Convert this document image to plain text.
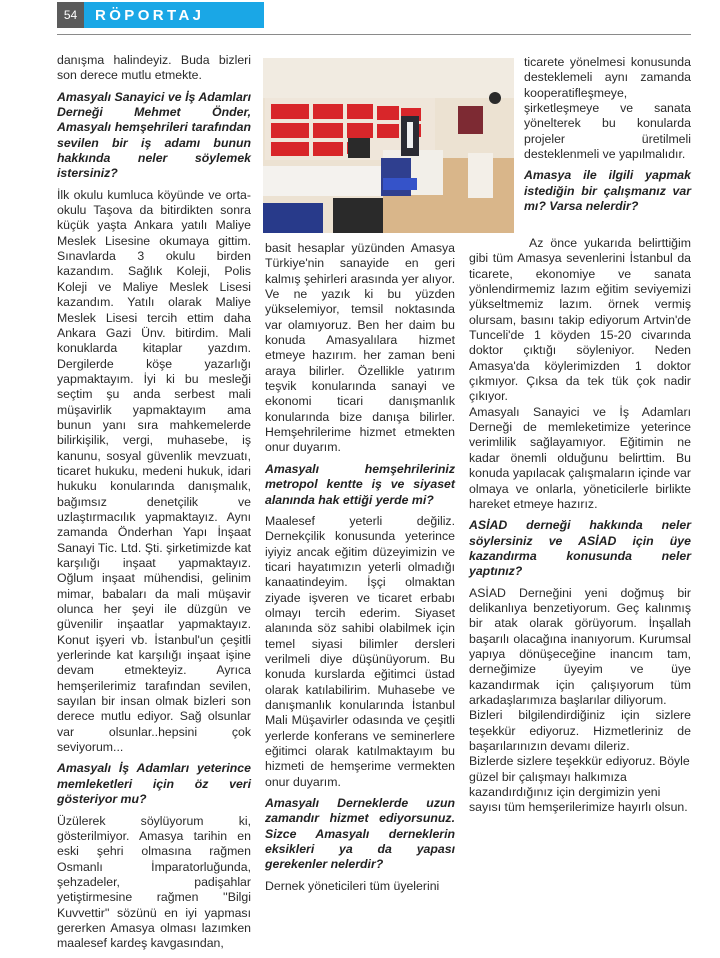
54	RÖPORTAJ

danışma halindeyiz. Buda bizleri son derece mutlu etmekte.

Amasyalı Sanayici ve İş Adamları Derneği Mehmet Önder, Amasyalı hemşehrileri tarafından sevilen bir iş adamı bunun hakkında neler söylemek istersiniz?

İlk okulu kumluca köyünde ve orta-okulu Taşova da bitirdikten sonra küçük yaşta Ankara yatılı Maliye Meslek Lisesine okumaya gittim. Sınavlarda 3 okulu birden kazandım. Sağlık Koleji, Polis Koleji ve Maliye Meslek Lisesi kazandım. Yatılı olarak Maliye Meslek Lisesi tercih ettim daha Ankara Gazi Ünv. bitirdim. Mali konuklarda kitaplar yazdım. Dergilerde köşe yazarlığı yapmaktayım. İyi ki bu mesleği seçtim şu anda serbest mali müşavirlik yapmaktayım ama bunun yanı sıra mahkemelerde bilirkişilik, vergi, muhasebe, iş kanunu, sosyal güvenlik mevzuatı, ticaret hukuku, medeni hukuk, idari hukuku konularında danışmalık, bağımsız denetçilik ve uzlaştırmacılık yapmaktayız. Aynı zamanda Önderhan Yapı İnşaat Sanayi Tic. Ltd. Şti. şirketimizde kat karşılığı inşaat yapmaktayız. Oğlum inşaat mühendisi, gelinim mimar, babaları da mali müşavir olunca her şeyi ile düzgün ve güvenilir inşaatlar yapmaktayız. Konut işyeri vb. İstanbul'un çeşitli yerlerinde kat karşılığı inşaat işine devam etmekteyiz. Ayrıca hemşerilerimiz tarafından sevilen, sayılan bir insan olmak bizleri son derece mutlu ediyor. Sağ olsunlar var olsunlar..hepsini çok seviyorum...

Amasyalı İş Adamları yeterince memleketleri için öz veri gösteriyor mu?

Üzülerek söylüyorum ki, gösterilmiyor. Amasya tarihin en eski şehri olmasına rağmen Osmanlı İmparatorluğunda, şehzadeler, padişahlar yetiştirmesine rağmen ''Bilgi Kuvvettir'' sözünü en iyi yapması gererken Amasya olması lazımken maalesef kardeş kavgasından,

basit hesaplar yüzünden Amasya Türkiye'nin sanayide en geri kalmış şehirleri arasında yer alıyor. Ve ne yazık ki bu yüzden yükselemiyor, temsil noktasında var olamıyoruz. Ben her daim bu konuda Amasyalılara hizmet etmeye hazırım. her zaman beni araya bilirler. Özellikle yatırım teşvik konularında sanayi ve ekonomi ticari danışmanlık konularında bize danışa bilirler. Hemşehrilerime hizmet etmekten onur duyarım.

Amasyalı hemşehrileriniz metropol kentte iş ve siyaset alanında hak ettiği yerde mi?

Maalesef yeterli değiliz. Dernekçilik konusunda yeterince iyiyiz ancak eğitim düzeyimizin ve ticari hayatımızın yeterli olmadığı kanaatindeyim. İşçi olmaktan ziyade işveren ve ticaret erbabı olmayı tercih ederim. Siyaset alanında söz sahibi olabilmek için temel siyasi bilimler dersleri verilmeli diye düşünüyorum. Bu konuda kurslarda eğitimci üstad olarak katılabilirim. Muhasebe ve danışmanlık konularında İstanbul Mali Müşavirler odasında ve çeşitli yerlerde konferans ve seminerlere eğitimci olarak katılmaktayım bu hizmeti de hemşerime vermekten onur duyarım.

Amasyalı Derneklerde uzun zamandır hizmet ediyorsunuz. Sizce Amasyalı derneklerin eksikleri ya da yapası gerekenler nelerdir?

Dernek yöneticileri tüm üyelerini

ticarete yönelmesi konusunda desteklemeli aynı zamanda kooperatifleşmeye, şirketleşmeye ve sanata yönelterek bu konularda projeler üretilmeli desteklenmeli ve yapılmalıdır.

Amasya ile ilgili yapmak istediğin bir çalışmanız var mı? Varsa nelerdir?

Az önce yukarıda belirttiğim gibi tüm Amasya sevenlerini İstanbul da ticarete, ekonomiye ve sanata yönlendirmemiz lazım eğitim seviyemizi yükseltmemiz lazım. örnek vermiş olursam, basını takip ediyorum Artvin'de Tunceli'de 1 köyden 15-20 civarında doktor çıktığı söyleniyor. Neden Amasya'da köylerimizden 1 doktor çıkmıyor. Çıksa da tek tük çok nadir çıkıyor.

Amasyalı Sanayici ve İş Adamları Derneği de memleketimize yeterince verimlilik sağlayamıyor. Eğitimin ne kadar önemli olduğunu belirttim. Bu konuda yapılacak çalışmaların içinde var olmaya ve onlarla, yöneticilerle birlikte hareket etmeye hazırız.

ASİAD derneği hakkında neler söylersiniz ve ASİAD için üye kazandırma konusunda neler yaptınız?

ASİAD Derneğini yeni doğmuş bir delikanlıya benzetiyorum. Geç kalınmış bir atak olarak görüyorum. İnşallah başarılı olacağına inanıyorum. Kurumsal yapıya dönüşeceğine inancım tam, derneğimize üyeyim ve üye kazandırmak için çalışıyorum tüm arkadaşlarımıza başlarılar diliyorum.

Bizleri bilgilendirdiğiniz için sizlere teşekkür ediyoruz. Hizmetleriniz de başarılarınızın devamı dileriz.

Bizlerde sizlere teşekkür ediyoruz. Böyle güzel bir çalışmayı halkımıza kazandırdığınız için dergimizin yeni sayısı tüm hemşerilerimize hayırlı olsun.
